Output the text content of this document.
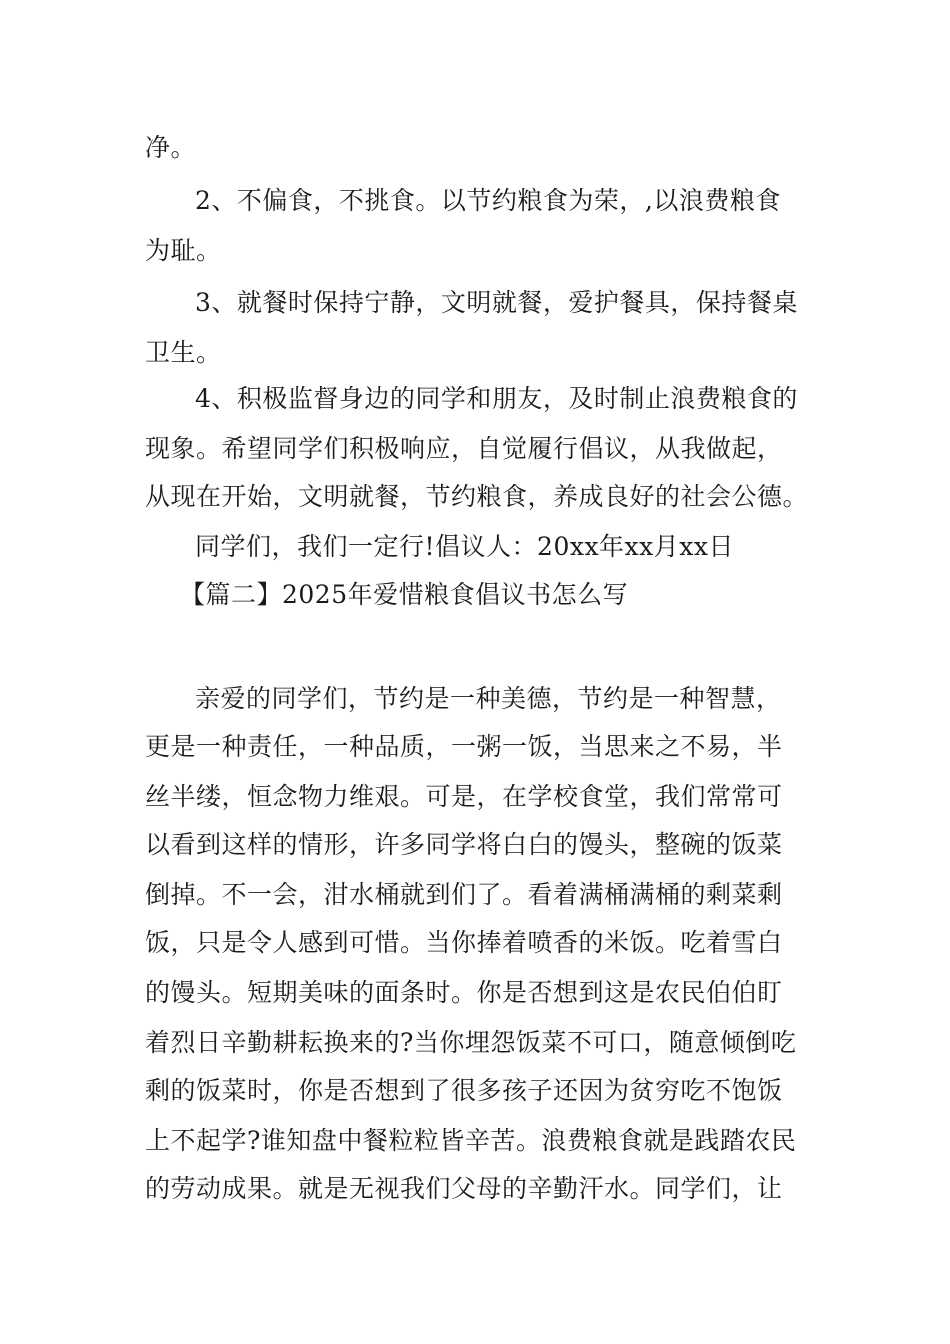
净。
2、不偏食，不挑食。以节约粮食为荣，,以浪费粮食
为耻。
3、就餐时保持宁静，文明就餐，爱护餐具，保持餐桌
卫生。
4、积极监督身边的同学和朋友，及时制止浪费粮食的
现象。希望同学们积极响应，自觉履行倡议，从我做起，
从现在开始，文明就餐，节约粮食，养成良好的社会公德。
同学们，我们一定行!倡议人：20xx年xx月xx日
【篇二】2025年爱惜粮食倡议书怎么写
亲爱的同学们，节约是一种美德，节约是一种智慧，
更是一种责任，一种品质，一粥一饭，当思来之不易，半
丝半缕，恒念物力维艰。可是，在学校食堂，我们常常可
以看到这样的情形，许多同学将白白的馒头，整碗的饭菜
倒掉。不一会，泔水桶就到们了。看着满桶满桶的剩菜剩
饭，只是令人感到可惜。当你捧着喷香的米饭。吃着雪白
的馒头。短期美味的面条时。你是否想到这是农民伯伯盯
着烈日辛勤耕耘换来的?当你埋怨饭菜不可口，随意倾倒吃
剩的饭菜时，你是否想到了很多孩子还因为贫穷吃不饱饭
上不起学?谁知盘中餐粒粒皆辛苦。浪费粮食就是践踏农民
的劳动成果。就是无视我们父母的辛勤汗水。同学们，让
